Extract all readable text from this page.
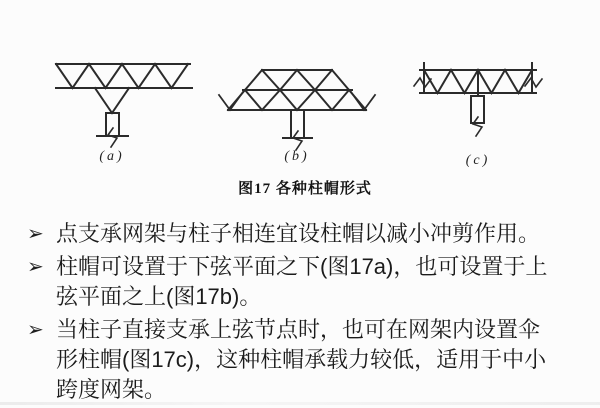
(a)	(b)	(c)
图17 各种柱帽形式
➢ 点支承网架与柱子相连宜设柱帽以减小冲剪作用。
➢ 柱帽可设置于下弦平面之下(图17a)，也可设置于上
弦平面之上(图17b)。
➢ 当柱子直接支承上弦节点时，也可在网架内设置伞
形柱帽(图17c)，这种柱帽承载力较低，适用于中小
跨度网架。
